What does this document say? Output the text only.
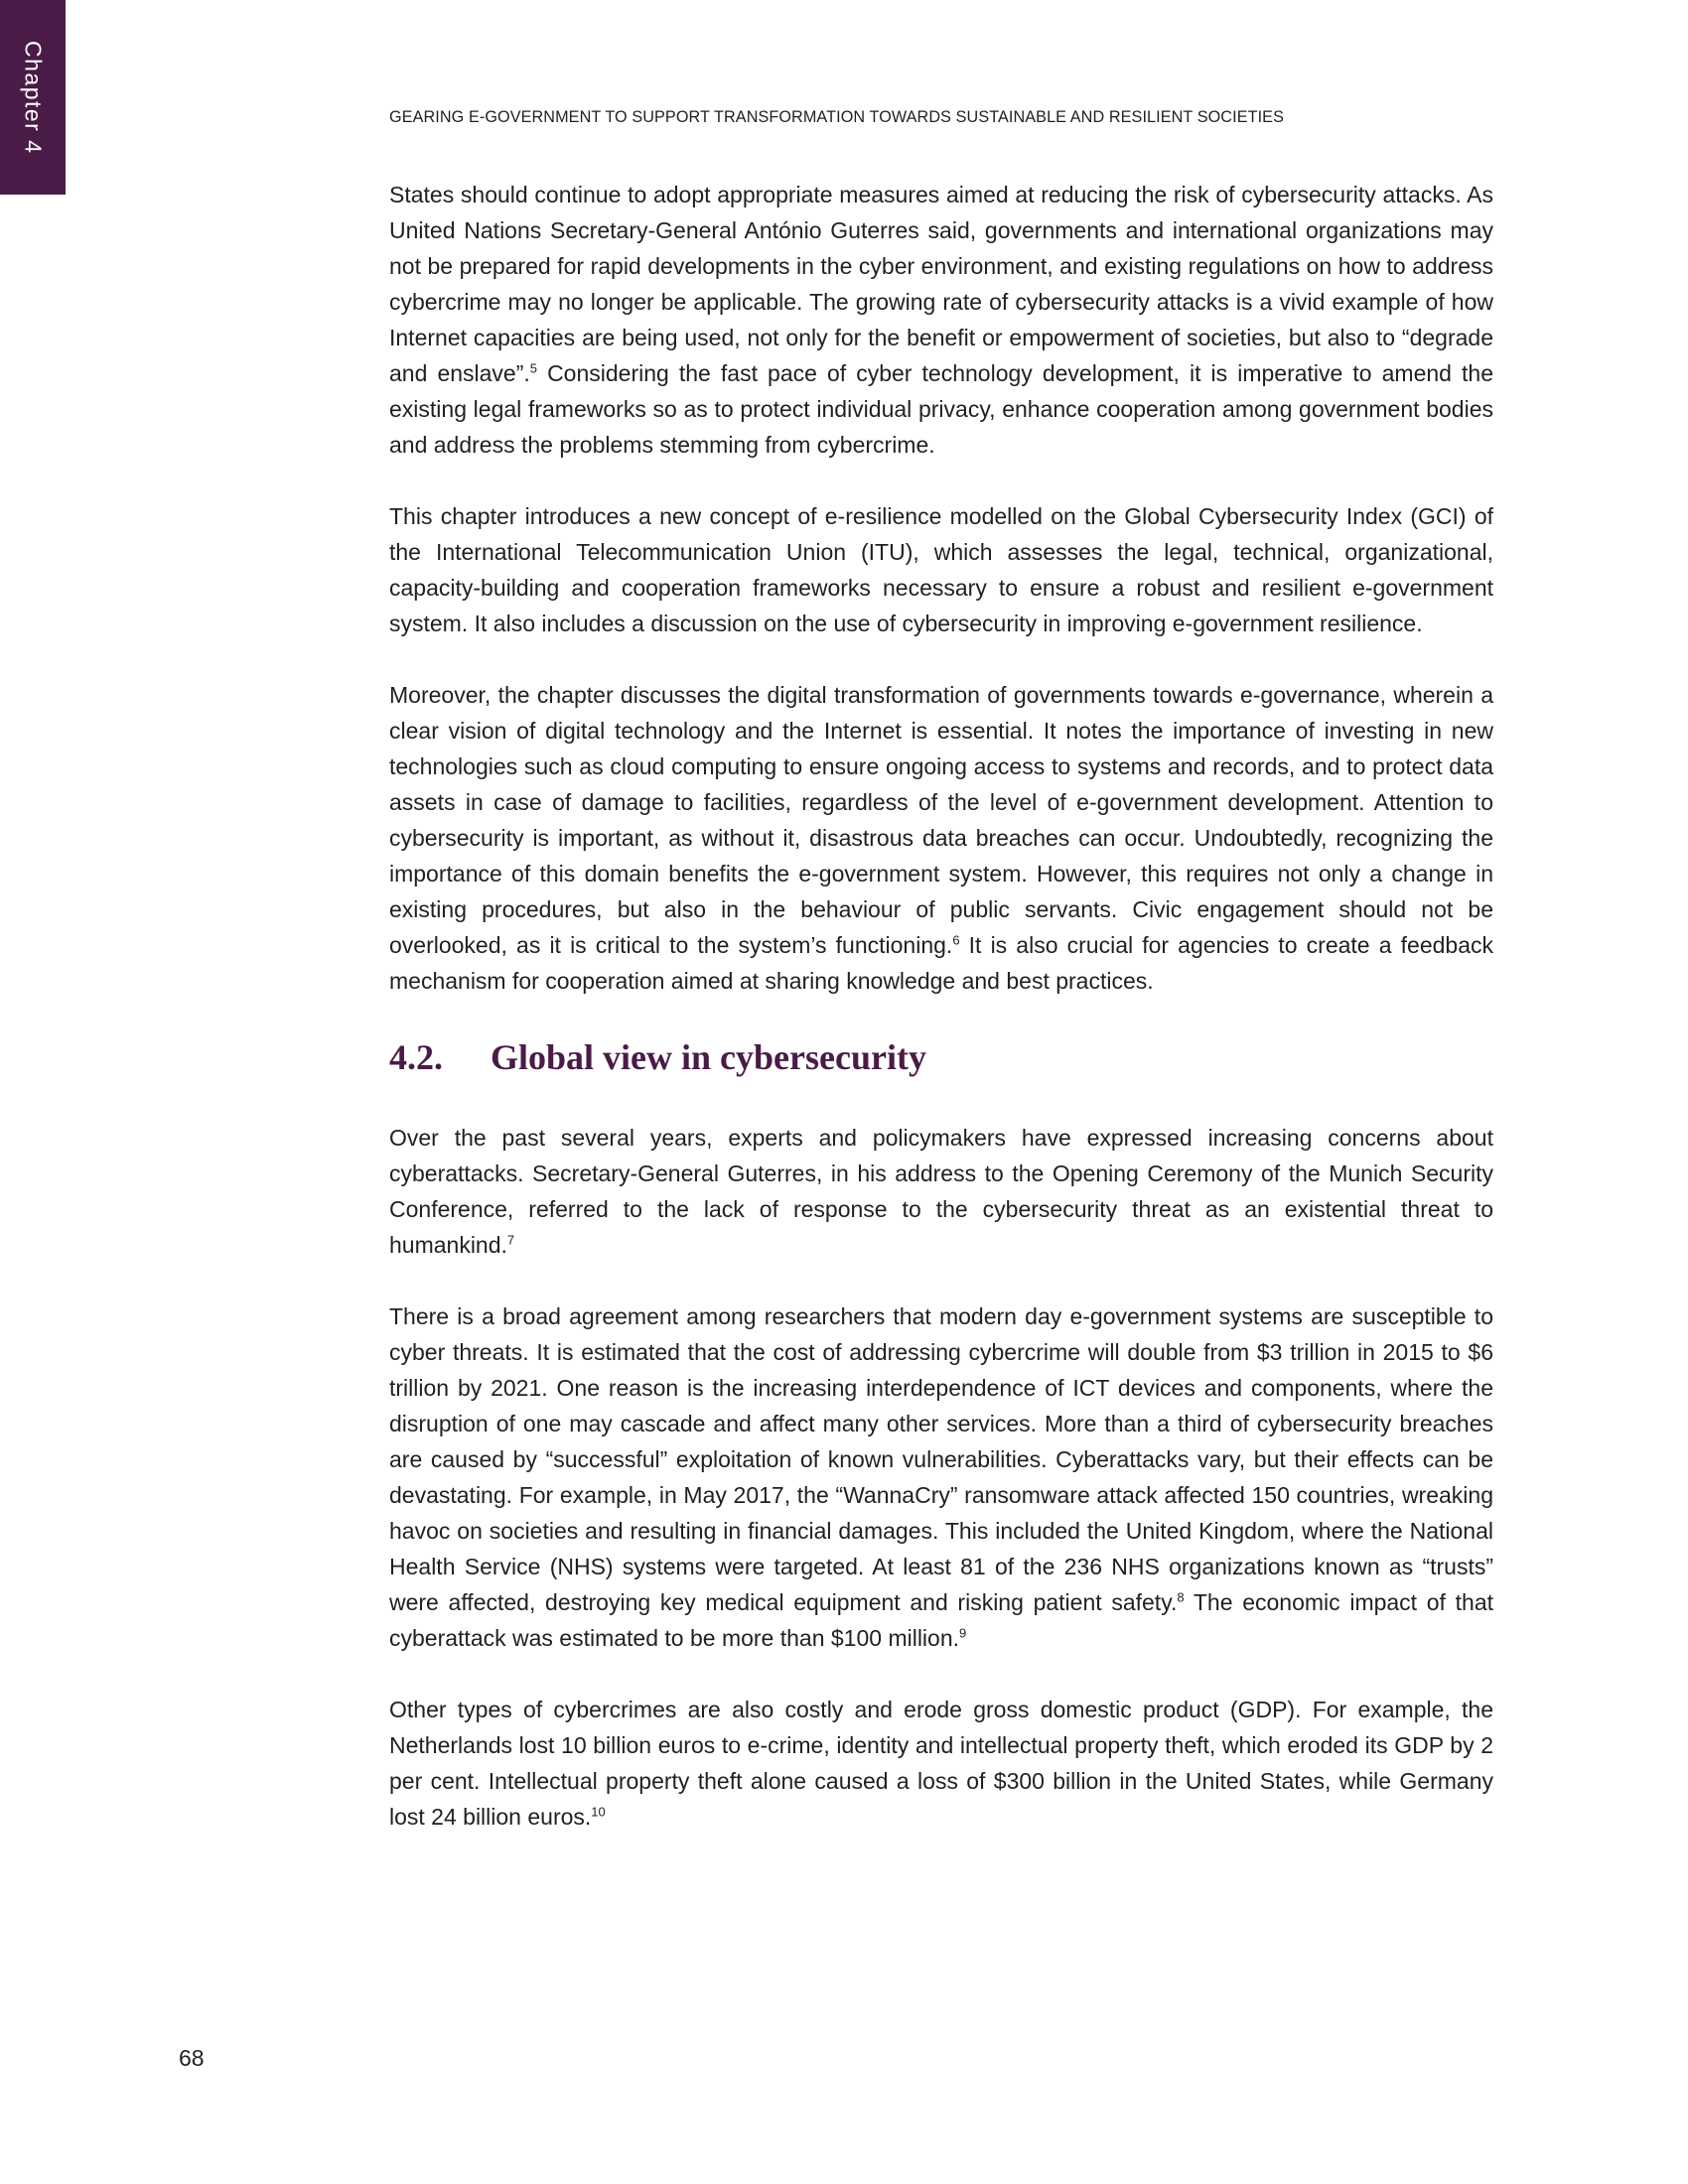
Chapter 4	GEARING E-GOVERNMENT TO SUPPORT TRANSFORMATION TOWARDS SUSTAINABLE AND RESILIENT SOCIETIES

States should continue to adopt appropriate measures aimed at reducing the risk of cybersecurity attacks. As United Nations Secretary-General António Guterres said, governments and international organizations may not be prepared for rapid developments in the cyber environment, and existing regulations on how to address cybercrime may no longer be applicable. The growing rate of cybersecurity attacks is a vivid example of how Internet capacities are being used, not only for the benefit or empowerment of societies, but also to “degrade and enslave”.$^5$ Considering the fast pace of cyber technology development, it is imperative to amend the existing legal frameworks so as to protect individual privacy, enhance cooperation among government bodies and address the problems stemming from cybercrime.

This chapter introduces a new concept of e-resilience modelled on the Global Cybersecurity Index (GCI) of the International Telecommunication Union (ITU), which assesses the legal, technical, organizational, capacity-building and cooperation frameworks necessary to ensure a robust and resilient e-government system. It also includes a discussion on the use of cybersecurity in improving e-government resilience.

Moreover, the chapter discusses the digital transformation of governments towards e-governance, wherein a clear vision of digital technology and the Internet is essential. It notes the importance of investing in new technologies such as cloud computing to ensure ongoing access to systems and records, and to protect data assets in case of damage to facilities, regardless of the level of e-government development. Attention to cybersecurity is important, as without it, disastrous data breaches can occur. Undoubtedly, recognizing the importance of this domain benefits the e-government system. However, this requires not only a change in existing procedures, but also in the behaviour of public servants. Civic engagement should not be overlooked, as it is critical to the system’s functioning.$^6$ It is also crucial for agencies to create a feedback mechanism for cooperation aimed at sharing knowledge and best practices.

4.2. Global view in cybersecurity

Over the past several years, experts and policymakers have expressed increasing concerns about cyberattacks. Secretary-General Guterres, in his address to the Opening Ceremony of the Munich Security Conference, referred to the lack of response to the cybersecurity threat as an existential threat to humankind.$^7$

There is a broad agreement among researchers that modern day e-government systems are susceptible to cyber threats. It is estimated that the cost of addressing cybercrime will double from $3 trillion in 2015 to $6 trillion by 2021. One reason is the increasing interdependence of ICT devices and components, where the disruption of one may cascade and affect many other services. More than a third of cybersecurity breaches are caused by “successful” exploitation of known vulnerabilities. Cyberattacks vary, but their effects can be devastating. For example, in May 2017, the “WannaCry” ransomware attack affected 150 countries, wreaking havoc on societies and resulting in financial damages. This included the United Kingdom, where the National Health Service (NHS) systems were targeted. At least 81 of the 236 NHS organizations known as “trusts” were affected, destroying key medical equipment and risking patient safety.$^8$ The economic impact of that cyberattack was estimated to be more than $100 million.$^9$

Other types of cybercrimes are also costly and erode gross domestic product (GDP). For example, the Netherlands lost 10 billion euros to e-crime, identity and intellectual property theft, which eroded its GDP by 2 per cent. Intellectual property theft alone caused a loss of $300 billion in the United States, while Germany lost 24 billion euros.$^{10}$

68
